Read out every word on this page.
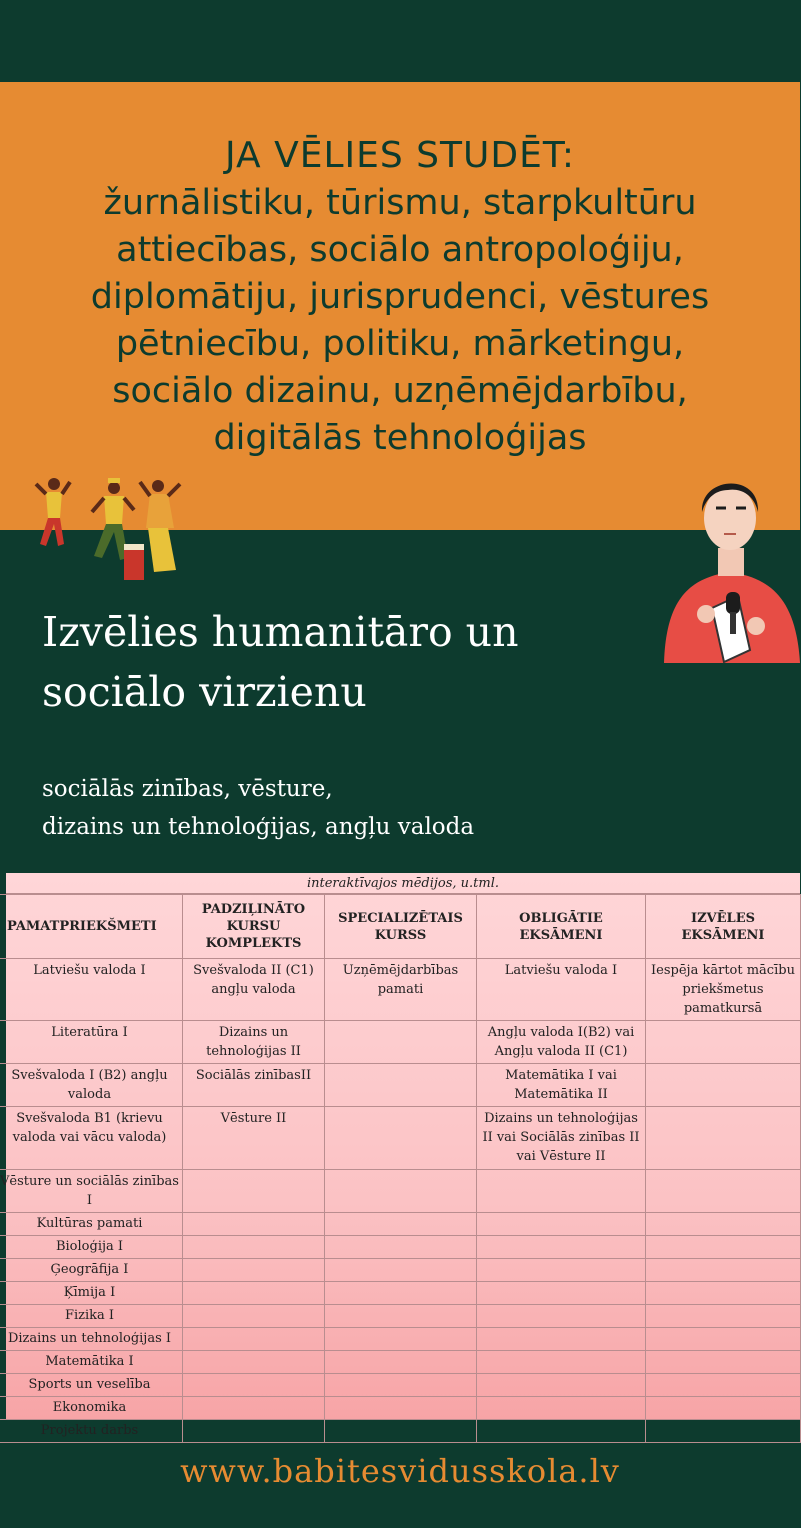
JA VĒLIES STUDĒT:
žurnālistiku, tūrismu, starpkultūru
attiecības, sociālo antropoloģiju,
diplomātiju, jurisprudenci, vēstures
pētniecību, politiku, mārketingu,
sociālo dizainu, uzņēmējdarbību,
digitālās tehnoloģijas
Izvēlies humanitāro un
sociālo virzienu
sociālās zinības, vēsture,
dizains un tehnoloģijas, angļu valoda
interaktīvajos mēdijos, u.tml.
PAMATPRIEKŠMETI	PADZIĻINĀTO KURSU KOMPLEKTS	SPECIALIZĒTAIS KURSS	OBLIGĀTIE EKSĀMENI	IZVĒLES EKSĀMENI
Latviešu valoda I	Svešvaloda II (C1) angļu valoda	Uzņēmējdarbības pamati	Latviešu valoda I	Iespēja kārtot mācību priekšmetus pamatkursā
Literatūra I	Dizains un tehnoloģijas II		Angļu valoda I(B2) vai Angļu valoda II (C1)	
Svešvaloda I (B2) angļu valoda	Sociālās zinībasII		Matemātika I vai Matemātika II	
Svešvaloda B1 (krievu valoda vai vācu valoda)	Vēsture II		Dizains un tehnoloģijas II vai Sociālās zinības II vai Vēsture II	
Vēsture un sociālās zinības I				
Kultūras pamati				
Bioloģija I				
Ģeogrāfija I				
Ķīmija I				
Fizika I				
Dizains un tehnoloģijas I				
Matemātika I				
Sports un veselība				
Ekonomika				
Projektu darbs				
www.babitesvidusskola.lv
